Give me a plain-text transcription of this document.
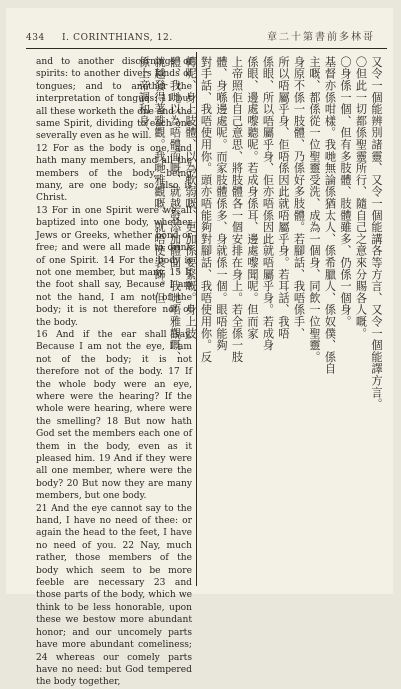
434 I. CORINTHIANS, 12.	章二十第書前多林哥
and to another discernings of spirits: to another divers kinds of tongues; and to another the interpretation of tongues: 11 but all these worketh the one and the same Spirit, dividing to each one severally even as he will.
12 For as the body is one, and hath many members, and all the members of the body, being many, are one body; so also is Christ.
13 For in one Spirit were we all baptized into one body, whether Jews or Greeks, whether bond or free; and were all made to drink of one Spirit. 14 For the body is not one member, but many. 15 If the foot shall say, Because I am not the hand, I am not of the body; it is not therefore not of the body.
16 And if the ear shall say, Because I am not the eye, I am not of the body; it is not therefore not of the body. 17 If the whole body were an eye, where were the hearing? If the whole were hearing, where were the smelling? 18 But now hath God set the members each one of them in the body, even as it pleased him. 19 And if they were all one member, where were the body? 20 But now they are many members, but one body.
21 And the eye cannot say to the hand, I have no need of thee: or again the head to the feet, I have no need of you. 22 Nay, much rather, those members of the body which seem to be more feeble are necessary 23 and those parts of the body, which we think to be less honorable, upon these we bestow more abundant honor; and our uncomely parts have more abundant comeliness; 24 whereas our comely parts have no need: but God tempered the body together,
又令一個能辨別諸靈、又令一個能講各等方言、又令一個能譯方言。
〇但此一切都係聖靈所行、隨自己之意來分賜各人嘅。
〇身係一個、但有多肢體、肢體雖多、仍係一個身。
基督亦係咁樣。我哋無論係猶太人、係希臘人、係奴僕、係自
主嘅、都係從一位聖靈受洗、成為一個身、同飲一位聖靈。
身原不係一肢體、乃係好多肢體。若腳話、我唔係手、
所以唔屬乎身、佢唔係因此就唔屬乎身。若耳話、我唔
係眼、所以唔屬乎身、佢亦唔係因此就唔屬乎身。若成身
係眼、邊處嚟聽呢。若成身係耳、邊處嚟聞呢。但而家
上帝照佢自己意思、將肢體各一個安排在身上。若全係一肢
體、身喺邊處呢。而家肢體係多、身就係一個。眼唔能夠
對手話、我唔使用你。頭亦唔能夠對腳話、我唔使用你。反
轉呢、身上肢體、以為軟弱嘅、更加係要緊嘅。身上肢
體、我哋以為唔體面嘅、就越發添加體面。我哋唔雅觀嘅、
就越發得著雅觀。我哋雅觀嘅、就唔使裝飾。但
係上帝調和身、
